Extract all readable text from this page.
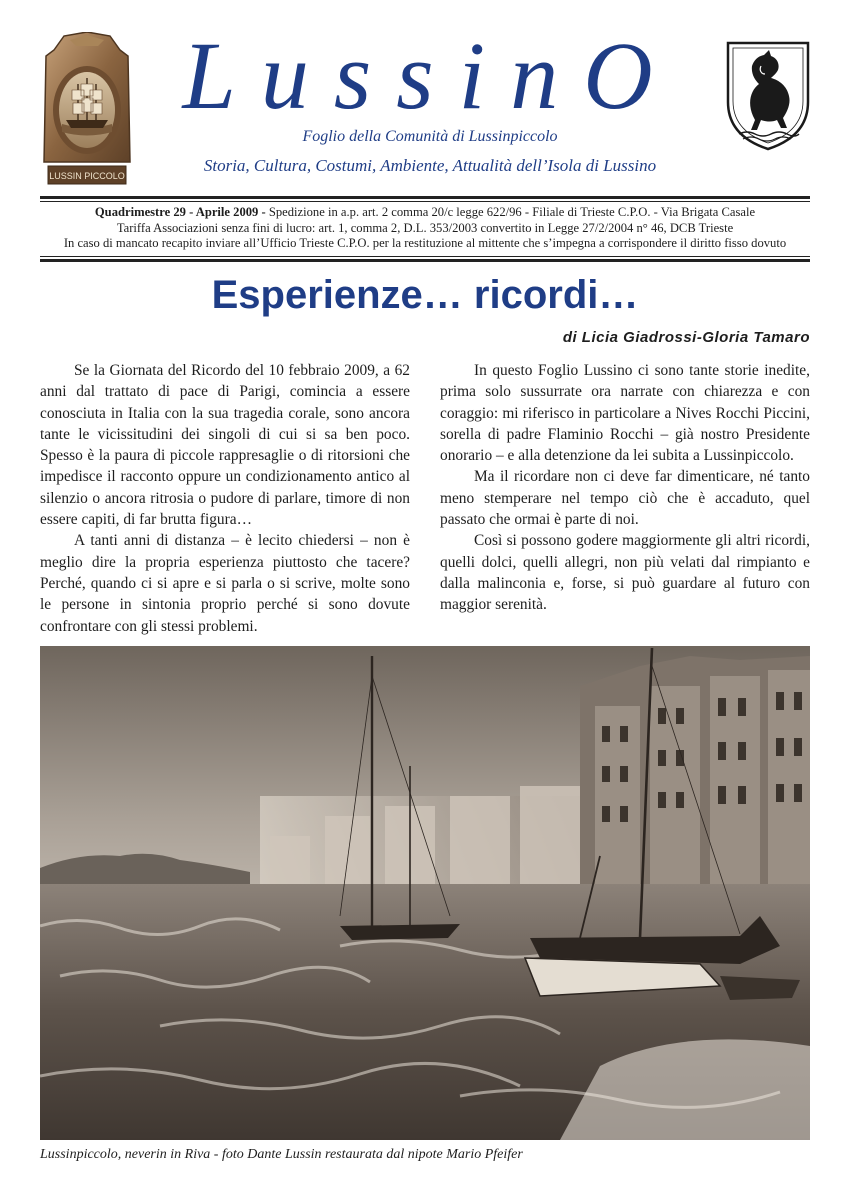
LUSSIN PICCOLO
LussinO
Foglio della Comunità di Lussinpiccolo
Storia, Cultura, Costumi, Ambiente, Attualità dell’Isola di Lussino
Quadrimestre 29 - Aprile 2009 - Spedizione in a.p. art. 2 comma 20/c legge 622/96 - Filiale di Trieste C.P.O. - Via Brigata Casale
Tariffa Associazioni senza fini di lucro: art. 1, comma 2, D.L. 353/2003 convertito in Legge 27/2/2004 n° 46, DCB Trieste
In caso di mancato recapito inviare all’Ufficio Trieste C.P.O. per la restituzione al mittente che s’impegna a corrispondere il diritto fisso dovuto
Esperienze… ricordi…
di Licia Giadrossi-Gloria Tamaro

Se la Giornata del Ricordo del 10 febbraio 2009, a 62 anni dal trattato di pace di Parigi, comincia a essere conosciuta in Italia con la sua tragedia corale, sono ancora tante le vicissitudini dei singoli di cui si sa ben poco. Spesso è la paura di piccole rappresaglie o di ritorsioni che impedisce il racconto oppure un condizionamento antico al silenzio o ancora ritrosia o pudore di parlare, timore di non essere capiti, di far brutta figura…

A tanti anni di distanza – è lecito chiedersi – non è meglio dire la propria esperienza piuttosto che tacere? Perché, quando ci si apre e si parla o si scrive, molte sono le persone in sintonia proprio perché si sono dovute confrontare con gli stessi problemi.

In questo Foglio Lussino ci sono tante storie inedite, prima solo sussurrate ora narrate con chiarezza e con coraggio: mi riferisco in particolare a Nives Rocchi Piccini, sorella di padre Flaminio Rocchi – già nostro Presidente onorario – e alla detenzione da lei subita a Lussinpiccolo.

Ma il ricordare non ci deve far dimenticare, né tanto meno stemperare nel tempo ciò che è accaduto, quel passato che ormai è parte di noi.

Così si possono godere maggiormente gli altri ricordi, quelli dolci, quelli allegri, non più velati dal rimpianto e dalla malinconia e, forse, si può guardare al futuro con maggior serenità.

Lussinpiccolo, neverin in Riva - foto Dante Lussin restaurata dal nipote Mario Pfeifer
